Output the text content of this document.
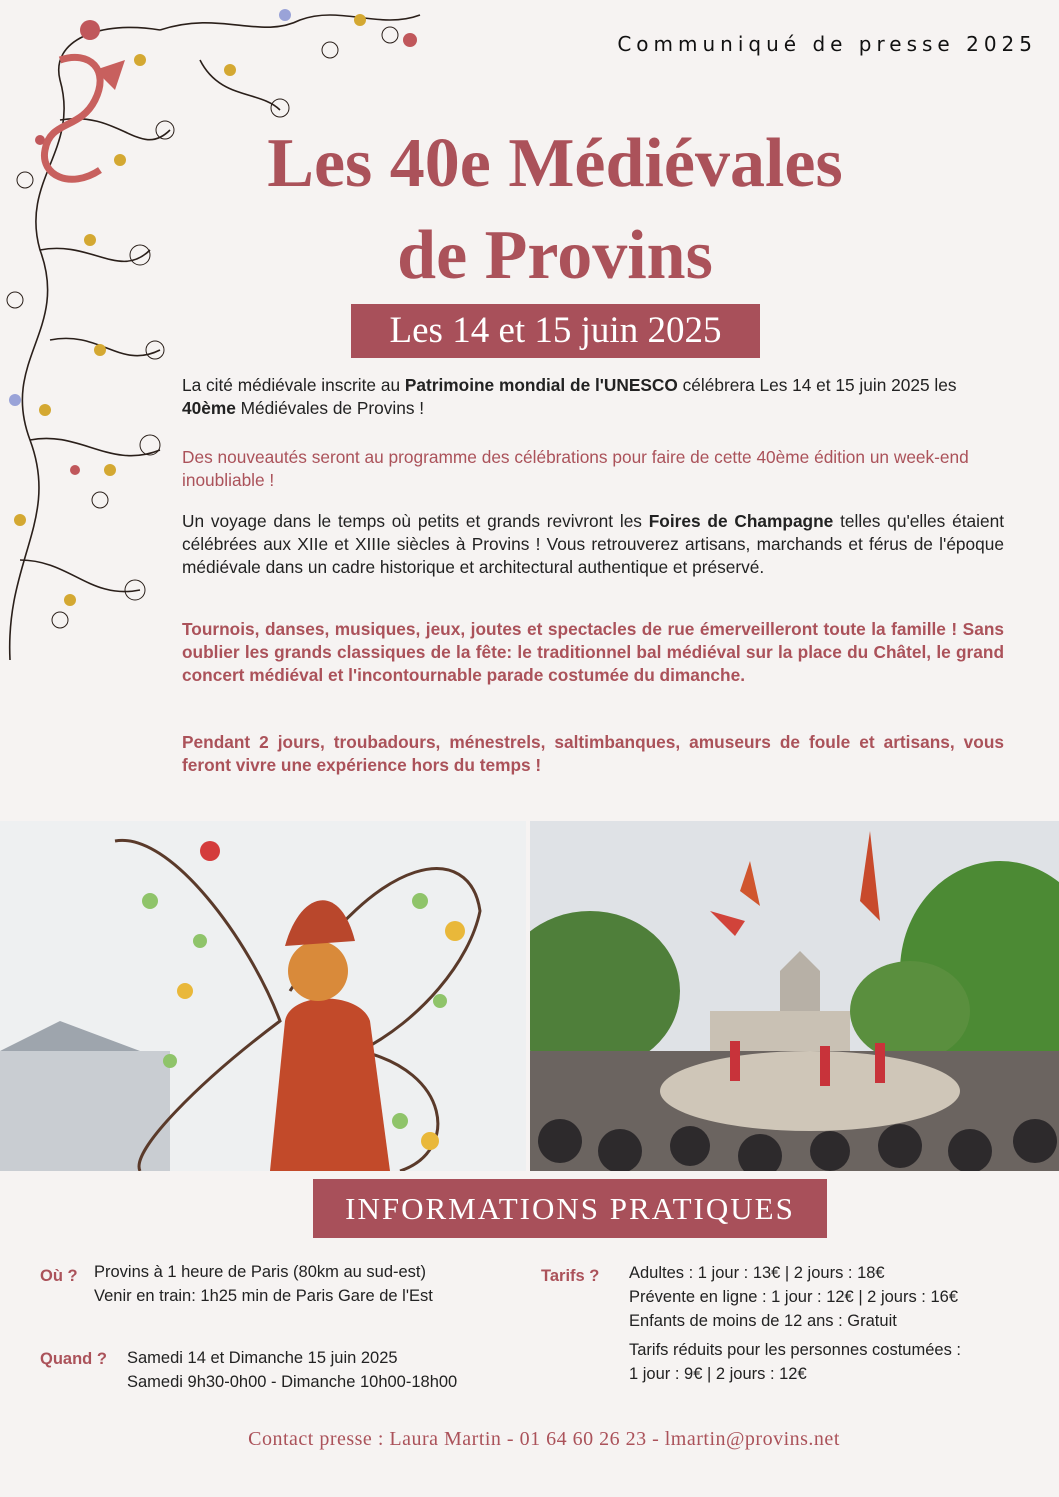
Communiqué de presse 2025
Les 40e Médiévales
de Provins
Les 14 et 15 juin 2025
La cité médiévale inscrite au Patrimoine mondial de l'UNESCO célébrera Les 14 et 15 juin 2025 les 40ème Médiévales de Provins !
Des nouveautés seront au programme des célébrations pour faire de cette 40ème édition un week-end inoubliable !
Un voyage dans le temps où petits et grands revivront les Foires de Champagne telles qu'elles étaient célébrées aux XIIe et XIIIe siècles à Provins ! Vous retrouverez artisans, marchands et férus de l'époque médiévale dans un cadre historique et architectural authentique et préservé.
Tournois, danses, musiques, jeux, joutes et spectacles de rue émerveilleront toute la famille ! Sans oublier les grands classiques de la fête: le traditionnel bal médiéval sur la place du Châtel, le grand concert médiéval et l'incontournable parade costumée du dimanche.
Pendant 2 jours, troubadours, ménestrels, saltimbanques, amuseurs de foule et artisans, vous feront vivre une expérience hors du temps !
INFORMATIONS PRATIQUES
Où ? Provins à 1 heure de Paris (80km au sud-est)
Venir en train: 1h25 min de Paris Gare de l'Est
Quand ? Samedi 14 et Dimanche 15 juin 2025
Samedi 9h30-0h00 - Dimanche 10h00-18h00
Tarifs ? Adultes : 1 jour : 13€ | 2 jours : 18€
Prévente en ligne : 1 jour : 12€ | 2 jours : 16€
Enfants de moins de 12 ans : Gratuit
Tarifs réduits pour les personnes costumées :
1 jour : 9€ | 2 jours : 12€
Contact presse : Laura Martin - 01 64 60 26 23 - lmartin@provins.net
